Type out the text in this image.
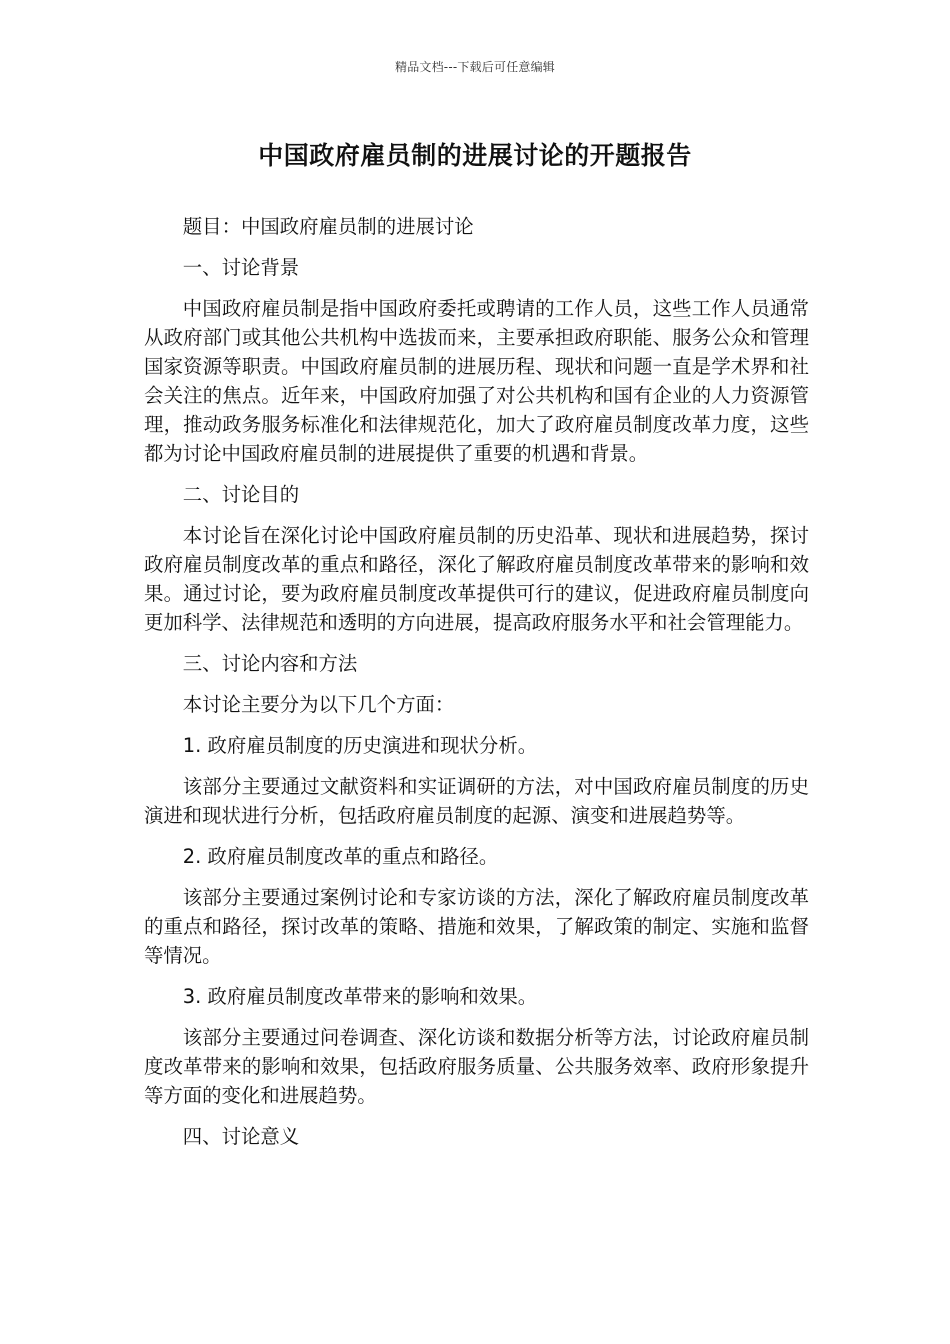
精品文档---下载后可任意编辑
中国政府雇员制的进展讨论的开题报告

题目：中国政府雇员制的进展讨论

一、讨论背景

中国政府雇员制是指中国政府委托或聘请的工作人员，这些工作人员通常从政府部门或其他公共机构中选拔而来，主要承担政府职能、服务公众和管理国家资源等职责。中国政府雇员制的进展历程、现状和问题一直是学术界和社会关注的焦点。近年来，中国政府加强了对公共机构和国有企业的人力资源管理，推动政务服务标准化和法律规范化，加大了政府雇员制度改革力度，这些都为讨论中国政府雇员制的进展提供了重要的机遇和背景。

二、讨论目的

本讨论旨在深化讨论中国政府雇员制的历史沿革、现状和进展趋势，探讨政府雇员制度改革的重点和路径，深化了解政府雇员制度改革带来的影响和效果。通过讨论，要为政府雇员制度改革提供可行的建议，促进政府雇员制度向更加科学、法律规范和透明的方向进展，提高政府服务水平和社会管理能力。

三、讨论内容和方法

本讨论主要分为以下几个方面：

1. 政府雇员制度的历史演进和现状分析。

该部分主要通过文献资料和实证调研的方法，对中国政府雇员制度的历史演进和现状进行分析，包括政府雇员制度的起源、演变和进展趋势等。

2. 政府雇员制度改革的重点和路径。

该部分主要通过案例讨论和专家访谈的方法，深化了解政府雇员制度改革的重点和路径，探讨改革的策略、措施和效果，了解政策的制定、实施和监督等情况。

3. 政府雇员制度改革带来的影响和效果。

该部分主要通过问卷调查、深化访谈和数据分析等方法，讨论政府雇员制度改革带来的影响和效果，包括政府服务质量、公共服务效率、政府形象提升等方面的变化和进展趋势。

四、讨论意义
